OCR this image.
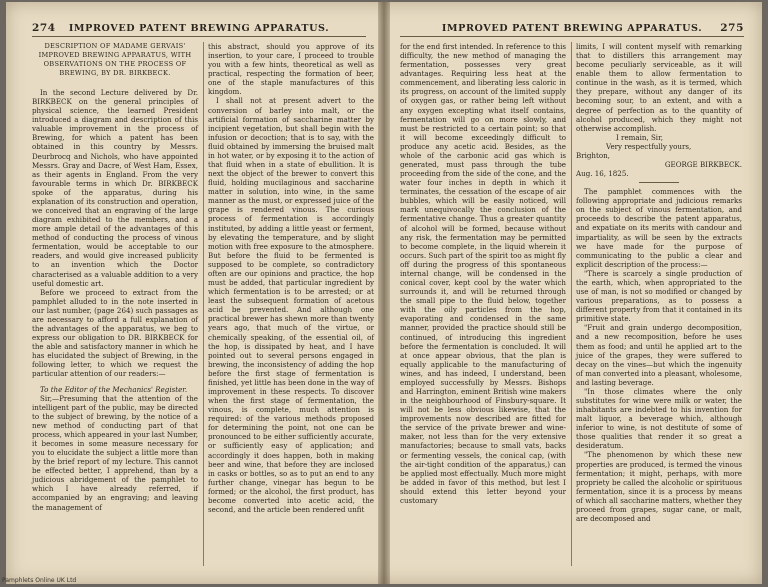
274	IMPROVED PATENT BREWING APPARATUS.

DESCRIPTION OF MADAME GERVAIS' IMPROVED BREWING APPARATUS, WITH OBSERVATIONS ON THE PROCESS OF BREWING, BY DR. BIRKBECK.

In the second Lecture delivered by Dr. BIRKBECK on the general principles of physical science, the learned President introduced a diagram and description of this valuable improvement in the process of Brewing, for which a patent has been obtained in this country by Messrs. Deurbrocq and Nichols, who have appointed Messrs. Gray and Dacre, of West Ham, Essex, as their agents in England. From the very favourable terms in which Dr. BIRKBECK spoke of the apparatus, during his explanation of its construction and operation, we conceived that an engraving of the large diagram exhibited to the members, and a more ample detail of the advantages of this method of conducting the process of vinous fermentation, would be acceptable to our readers, and would give increased publicity to an invention which the Doctor characterised as a valuable addition to a very useful domestic art.

Before we proceed to extract from the pamphlet alluded to in the note inserted in our last number, (page 264) such passages as are necessary to afford a full explanation of the advantages of the apparatus, we beg to express our obligation to DR. BIRKBECK for the able and satisfactory manner in which he has elucidated the subject of Brewing, in the following letter, to which we request the particular attention of our readers:—

To the Editor of the Mechanics' Register.

Sir,—Presuming that the attention of the intelligent part of the public, may be directed to the subject of brewing, by the notice of a new method of conducting part of that process, which appeared in your last Number, it becomes in some measure necessary for you to elucidate the subject a little more than by the brief report of my lecture. This cannot be effected better, I apprehend, than by a judicious abridgement of the pamphlet to which I have already referred, if accompanied by an engraving; and leaving the management of

this abstract, should you approve of its insertion, to your care, I proceed to trouble you with a few hints, theoretical as well as practical, respecting the formation of beer, one of the staple manufactures of this kingdom.

I shall not at present advert to the conversion of barley into malt, or the artificial formation of saccharine matter by incipient vegetation, but shall begin with the infusion or decoction; that is to say, with the fluid obtained by immersing the bruised malt in hot water, or by exposing it to the action of that fluid when in a state of ebullition. It is next the object of the brewer to convert this fluid, holding mucilaginous and saccharine matter in solution, into wine, in the same manner as the must, or expressed juice of the grape is rendered vinous. The curious process of fermentation is accordingly instituted, by adding a little yeast or ferment, by elevating the temperature, and by slight motion with free exposure to the atmosphere. But before the fluid to be fermented is supposed to be complete, so contradictory often are our opinions and practice, the hop must be added, that particular ingredient by which fermentation is to be arrested; or at least the subsequent formation of acetous acid be prevented. And although one practical brewer has shewn more than twenty years ago, that much of the virtue, or chemically speaking, of the essential oil, of the hop, is dissipated by heat, and I have pointed out to several persons engaged in brewing, the inconsistency of adding the hop before the first stage of fermentation is finished, yet little has been done in the way of improvement in these respects. To discover when the first stage of fermentation, the vinous, is complete, much attention is required: of the various methods proposed for determining the point, not one can be pronounced to be either sufficiently accurate, or sufficiently easy of application; and accordingly it does happen, both in making beer and wine, that before they are inclosed in casks or bottles, so as to put an end to any further change, vinegar has begun to be formed; or the alcohol, the first product, has become converted into acetic acid, the second, and the article been rendered unfit

IMPROVED PATENT BREWING APPARATUS.	275

for the end first intended. In reference to this difficulty, the new method of managing the fermentation, possesses very great advantages. Requiring less heat at the commencement, and liberating less caloric in its progress, on account of the limited supply of oxygen gas, or rather being left without any oxygen excepting what itself contains, fermentation will go on more slowly, and must be restricted to a certain point; so that it will become exceedingly difficult to produce any acetic acid. Besides, as the whole of the carbonic acid gas which is generated, must pass through the tube proceeding from the side of the cone, and the water four inches in depth in which it terminates, the cessation of the escape of air bubbles, which will be easily noticed, will mark unequivocally the conclusion of the fermentative change. Thus a greater quantity of alcohol will be formed, because without any risk, the fermentation may be permitted to become complete, in the liquid wherein it occurs. Such part of the spirit too as might fly off during the progress of this spontaneous internal change, will be condensed in the conical cover, kept cool by the water which surrounds it, and will be returned through the small pipe to the fluid below, together with the oily particles from the hop, evaporating and condensed in the same manner, provided the practice should still be continued, of introducing this ingredient before the fermentation is concluded. It will at once appear obvious, that the plan is equally applicable to the manufacturing of wines, and has indeed, I understand, been employed successfully by Messrs. Bishops and Harrington, eminent British wine makers in the neighbourhood of Finsbury-square. It will not be less obvious likewise, that the improvements now described are fitted for the service of the private brewer and wine-maker, not less than for the very extensive manufactories; because to small vats, backs or fermenting vessels, the conical cap, (with the air-tight condition of the apparatus,) can be applied most effectually. Much more might be added in favor of this method, but lest I should extend this letter beyond your customary

limits, I will content myself with remarking that to distillers this arrangement may become peculiarly serviceable, as it will enable them to allow fermentation to continue in the wash, as it is termed, which they prepare, without any danger of its becoming sour, to an extent, and with a degree of perfection as to the quantity of alcohol produced, which they might not otherwise accomplish.

I remain, Sir,

Very respectfully yours,

Brighton,

GEORGE BIRKBECK.

Aug. 16, 1825.

The pamphlet commences with the following appropriate and judicious remarks on the subject of vinous fermentation, and proceeds to describe the patent apparatus, and expatiate on its merits with candour and impartiality, as will be seen by the extracts we have made for the purpose of communicating to the public a clear and explicit description of the process:—

"There is scarcely a single production of the earth, which, when appropriated to the use of man, is not so modified or changed by various preparations, as to possess a different property from that it contained in its primitive state.

"Fruit and grain undergo decomposition, and a new recomposition, before he uses them as food; and until he applied art to the juice of the grapes, they were suffered to decay on the vines—but which the ingenuity of man converted into a pleasant, wholesome, and lasting beverage.

"In those climates where the only substitutes for wine were milk or water, the inhabitants are indebted to his invention for malt liquor, a beverage which, although inferior to wine, is not destitute of some of those qualities that render it so great a desideratum.

"The phenomenon by which these new properties are produced, is termed the vinous fermentation; it might, perhaps, with more propriety be called the alcoholic or spirituous fermentation, since it is a process by means of which all saccharine matters, whether they proceed from grapes, sugar cane, or malt, are decomposed and

Pamphlets Online UK Ltd
